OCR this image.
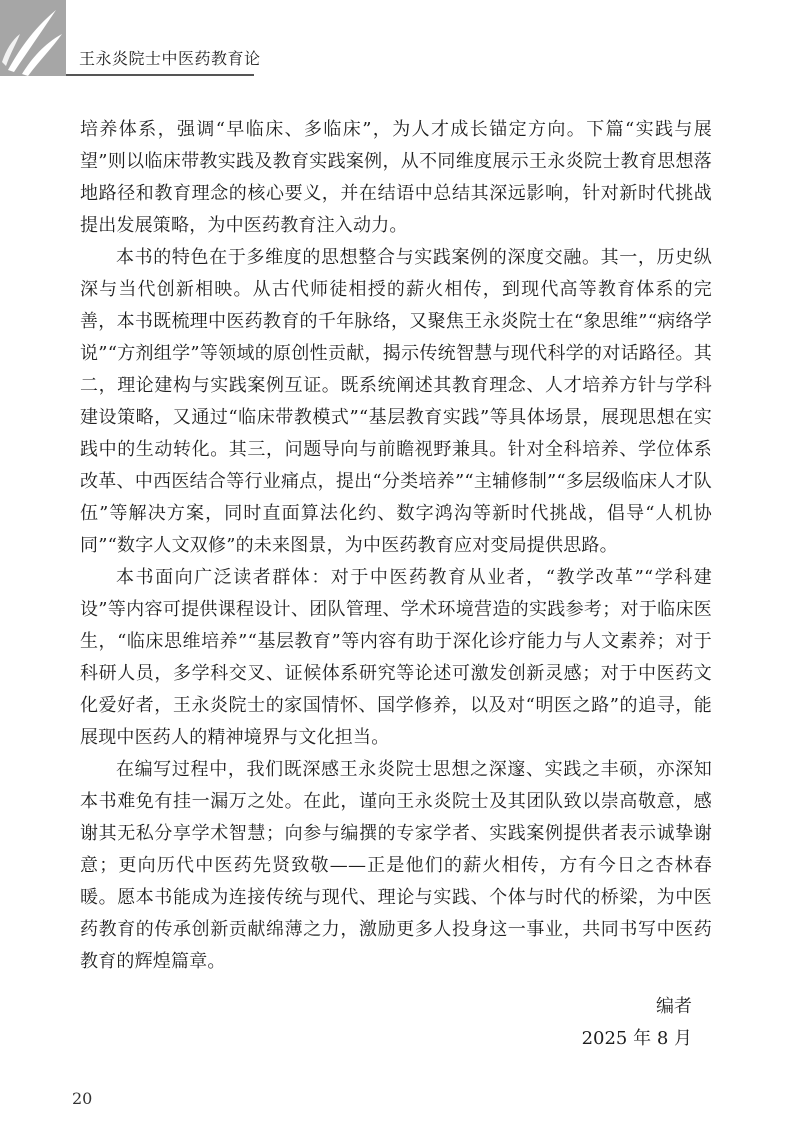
王永炎院士中医药教育论

培养体系，强调“早临床、多临床”，为人才成长锚定方向。下篇“实践与展望”则以临床带教实践及教育实践案例，从不同维度展示王永炎院士教育思想落地路径和教育理念的核心要义，并在结语中总结其深远影响，针对新时代挑战提出发展策略，为中医药教育注入动力。

本书的特色在于多维度的思想整合与实践案例的深度交融。其一，历史纵深与当代创新相映。从古代师徒相授的薪火相传，到现代高等教育体系的完善，本书既梳理中医药教育的千年脉络，又聚焦王永炎院士在“象思维”“病络学说”“方剂组学”等领域的原创性贡献，揭示传统智慧与现代科学的对话路径。其二，理论建构与实践案例互证。既系统阐述其教育理念、人才培养方针与学科建设策略，又通过“临床带教模式”“基层教育实践”等具体场景，展现思想在实践中的生动转化。其三，问题导向与前瞻视野兼具。针对全科培养、学位体系改革、中西医结合等行业痛点，提出“分类培养”“主辅修制”“多层级临床人才队伍”等解决方案，同时直面算法化约、数字鸿沟等新时代挑战，倡导“人机协同”“数字人文双修”的未来图景，为中医药教育应对变局提供思路。

本书面向广泛读者群体：对于中医药教育从业者，“教学改革”“学科建设”等内容可提供课程设计、团队管理、学术环境营造的实践参考；对于临床医生，“临床思维培养”“基层教育”等内容有助于深化诊疗能力与人文素养；对于科研人员，多学科交叉、证候体系研究等论述可激发创新灵感；对于中医药文化爱好者，王永炎院士的家国情怀、国学修养，以及对“明医之路”的追寻，能展现中医药人的精神境界与文化担当。

在编写过程中，我们既深感王永炎院士思想之深邃、实践之丰硕，亦深知本书难免有挂一漏万之处。在此，谨向王永炎院士及其团队致以崇高敬意，感谢其无私分享学术智慧；向参与编撰的专家学者、实践案例提供者表示诚挚谢意；更向历代中医药先贤致敬——正是他们的薪火相传，方有今日之杏林春暖。愿本书能成为连接传统与现代、理论与实践、个体与时代的桥梁，为中医药教育的传承创新贡献绵薄之力，激励更多人投身这一事业，共同书写中医药教育的辉煌篇章。

编者
2025 年 8 月
20
